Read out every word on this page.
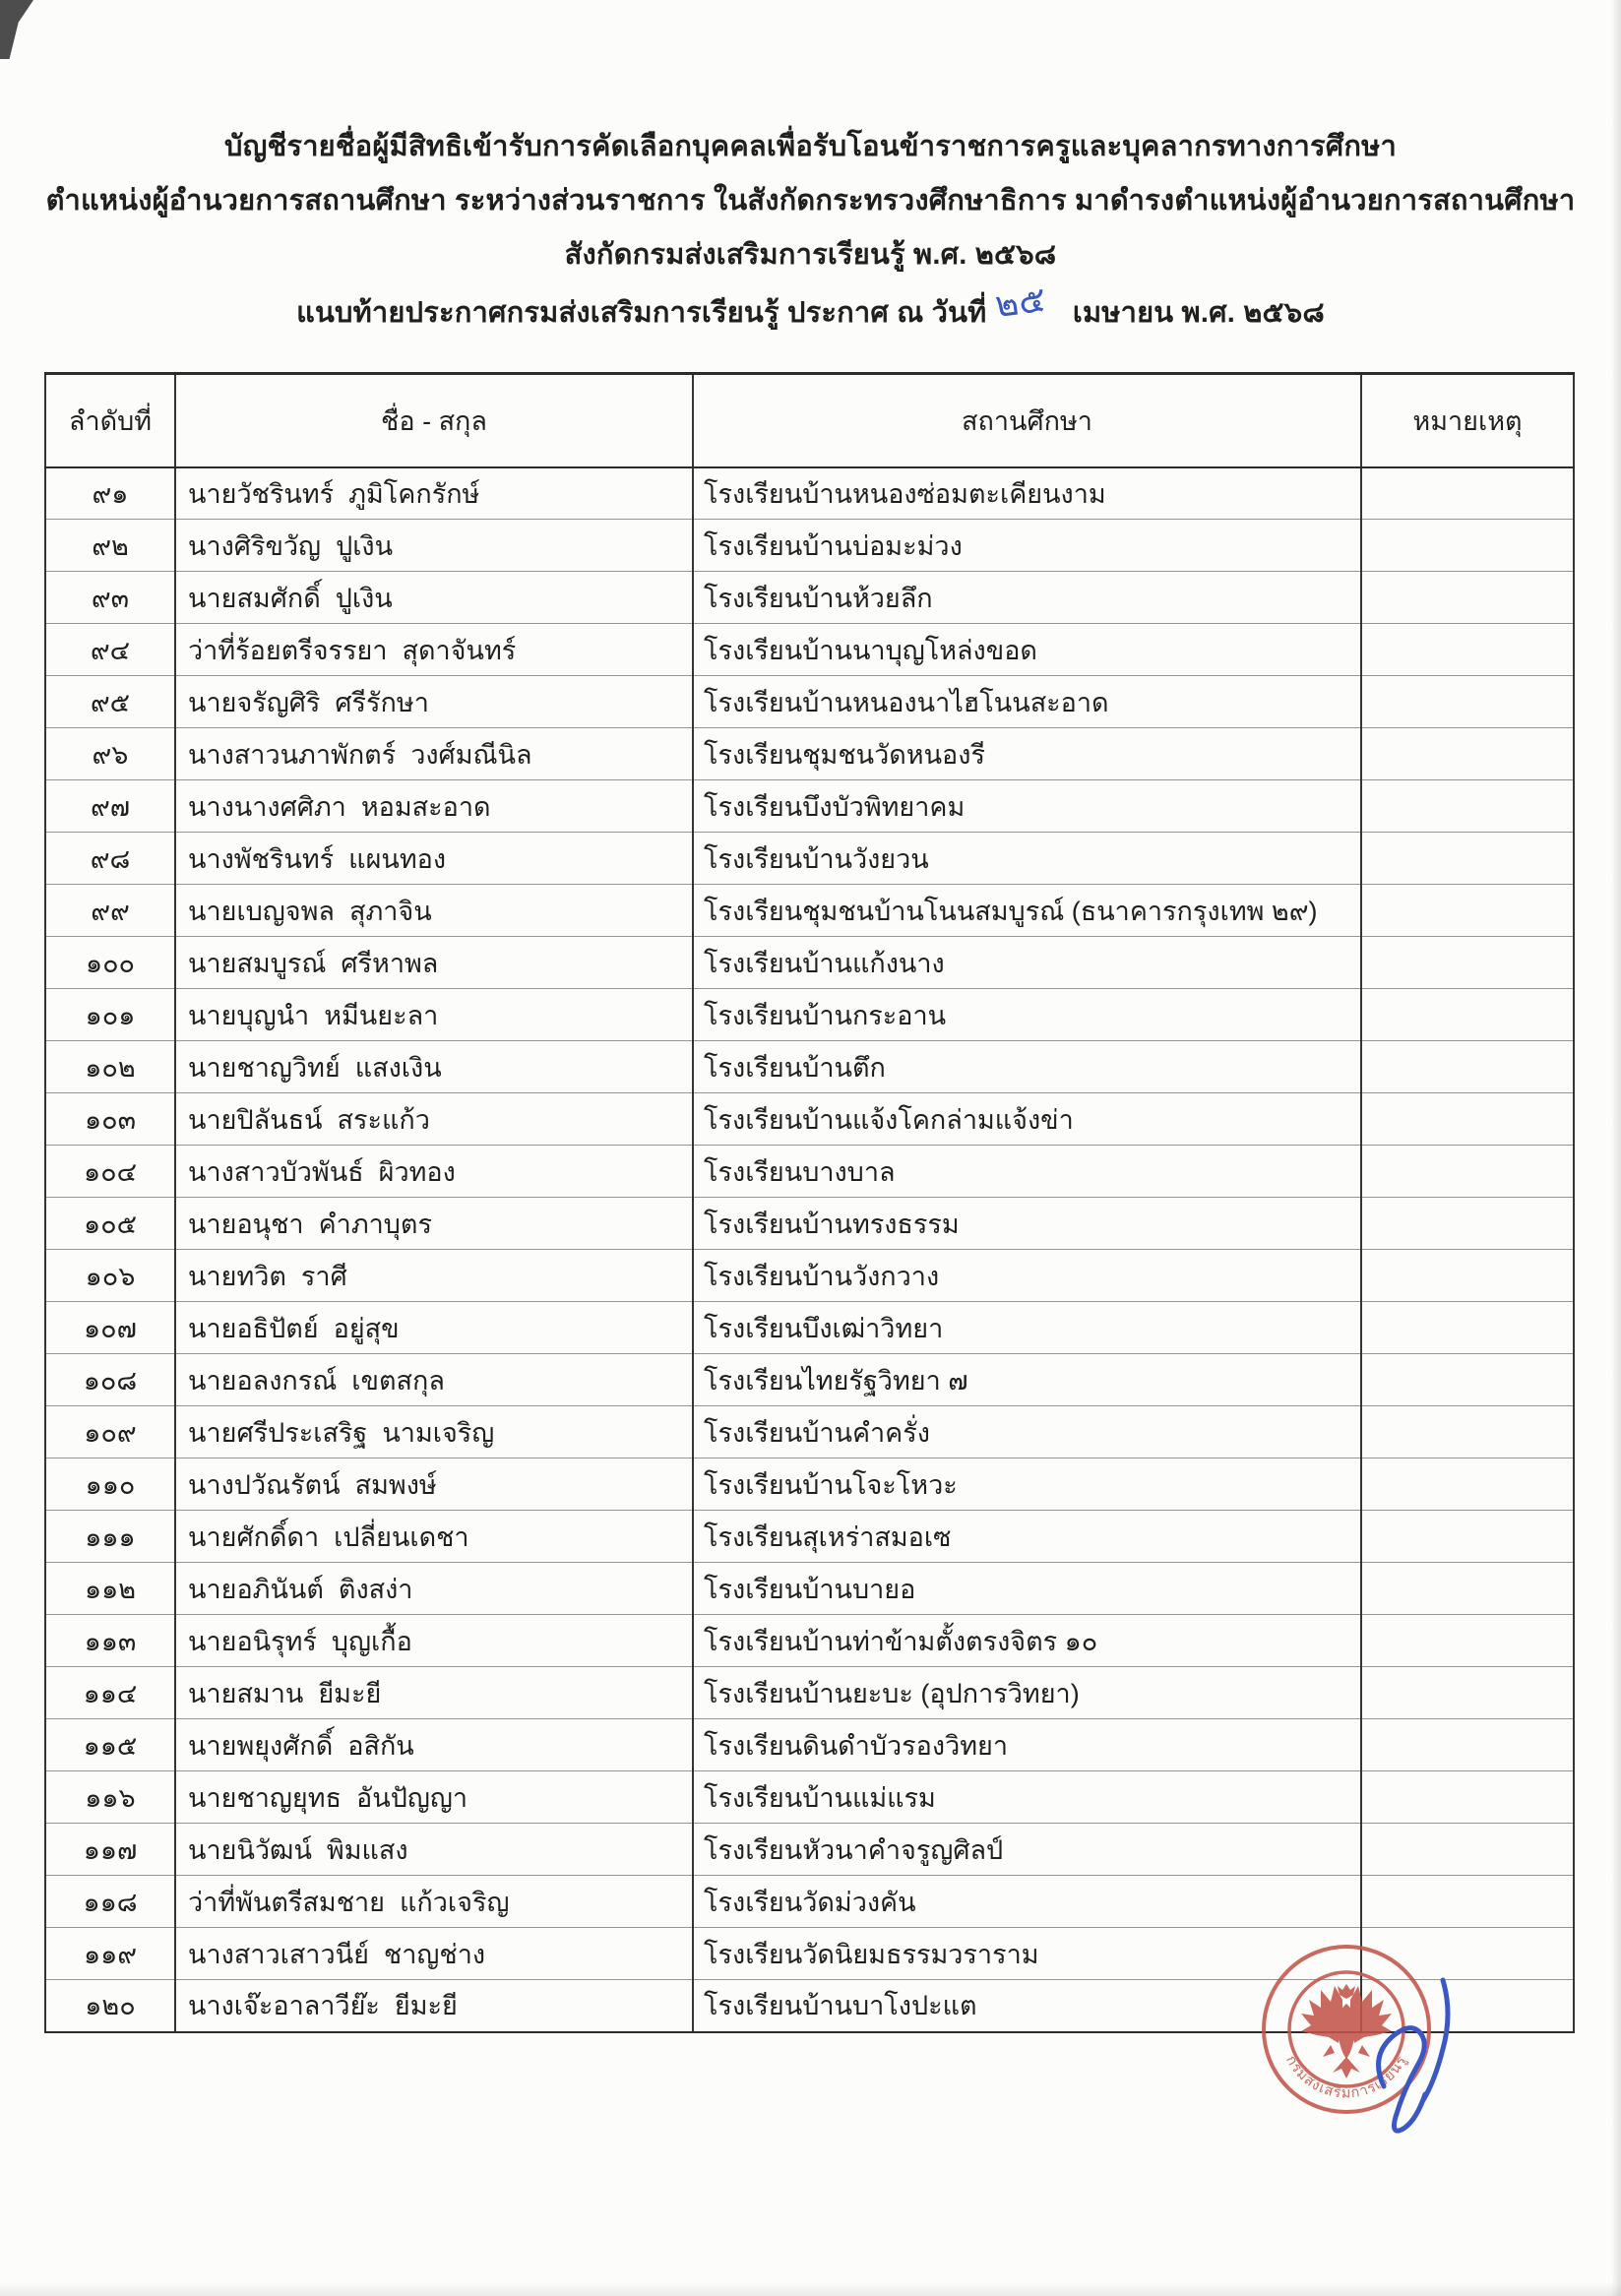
บัญชีรายชื่อผู้มีสิทธิเข้ารับการคัดเลือกบุคคลเพื่อรับโอนข้าราชการครูและบุคลากรทางการศึกษา
ตำแหน่งผู้อำนวยการสถานศึกษา ระหว่างส่วนราชการ ในสังกัดกระทรวงศึกษาธิการ มาดำรงตำแหน่งผู้อำนวยการสถานศึกษา
สังกัดกรมส่งเสริมการเรียนรู้ พ.ศ. ๒๕๖๘
แนบท้ายประกาศกรมส่งเสริมการเรียนรู้ ประกาศ ณ วันที่ ๒๕ เมษายน พ.ศ. ๒๕๖๘
ลำดับที่	ชื่อ - สกุล	สถานศึกษา	หมายเหตุ
๙๑	นายวัชรินทร์  ภูมิโคกรักษ์	โรงเรียนบ้านหนองซ่อมตะเคียนงาม	
๙๒	นางศิริขวัญ  ปูเงิน	โรงเรียนบ้านบ่อมะม่วง	
๙๓	นายสมศักดิ์  ปูเงิน	โรงเรียนบ้านห้วยลึก	
๙๔	ว่าที่ร้อยตรีจรรยา  สุดาจันทร์	โรงเรียนบ้านนาบุญโหล่งขอด	
๙๕	นายจรัญศิริ  ศรีรักษา	โรงเรียนบ้านหนองนาไฮโนนสะอาด	
๙๖	นางสาวนภาพักตร์  วงศ์มณีนิล	โรงเรียนชุมชนวัดหนองรี	
๙๗	นางนางศศิภา  หอมสะอาด	โรงเรียนบึงบัวพิทยาคม	
๙๘	นางพัชรินทร์  แผนทอง	โรงเรียนบ้านวังยวน	
๙๙	นายเบญจพล  สุภาจิน	โรงเรียนชุมชนบ้านโนนสมบูรณ์ (ธนาคารกรุงเทพ ๒๙)	
๑๐๐	นายสมบูรณ์  ศรีหาพล	โรงเรียนบ้านแก้งนาง	
๑๐๑	นายบุญนำ  หมีนยะลา	โรงเรียนบ้านกระอาน	
๑๐๒	นายชาญวิทย์  แสงเงิน	โรงเรียนบ้านตึก	
๑๐๓	นายปิลันธน์  สระแก้ว	โรงเรียนบ้านแจ้งโคกล่ามแจ้งข่า	
๑๐๔	นางสาวบัวพันธ์  ผิวทอง	โรงเรียนบางบาล	
๑๐๕	นายอนุชา  คำภาบุตร	โรงเรียนบ้านทรงธรรม	
๑๐๖	นายทวิต  ราศี	โรงเรียนบ้านวังกวาง	
๑๐๗	นายอธิปัตย์  อยู่สุข	โรงเรียนบึงเฒ่าวิทยา	
๑๐๘	นายอลงกรณ์  เขตสกุล	โรงเรียนไทยรัฐวิทยา ๗	
๑๐๙	นายศรีประเสริฐ  นามเจริญ	โรงเรียนบ้านคำครั่ง	
๑๑๐	นางปวัณรัตน์  สมพงษ์	โรงเรียนบ้านโจะโหวะ	
๑๑๑	นายศักดิ์ดา  เปลี่ยนเดชา	โรงเรียนสุเหร่าสมอเซ	
๑๑๒	นายอภินันต์  ติงสง่า	โรงเรียนบ้านบายอ	
๑๑๓	นายอนิรุทร์  บุญเกื้อ	โรงเรียนบ้านท่าข้ามตั้งตรงจิตร ๑๐	
๑๑๔	นายสมาน  ยีมะยี	โรงเรียนบ้านยะบะ (อุปการวิทยา)	
๑๑๕	นายพยุงศักดิ์  อสิกัน	โรงเรียนดินดำบัวรองวิทยา	
๑๑๖	นายชาญยุทธ  อันปัญญา	โรงเรียนบ้านแม่แรม	
๑๑๗	นายนิวัฒน์  พิมแสง	โรงเรียนหัวนาคำจรูญศิลป์	
๑๑๘	ว่าที่พันตรีสมชาย  แก้วเจริญ	โรงเรียนวัดม่วงคัน	
๑๑๙	นางสาวเสาวนีย์  ชาญช่าง	โรงเรียนวัดนิยมธรรมวราราม	
๑๒๐	นางเจ๊ะอาลาวีย๊ะ  ยีมะยี	โรงเรียนบ้านบาโงปะแต	
กรมส่งเสริมการเรียนรู้
